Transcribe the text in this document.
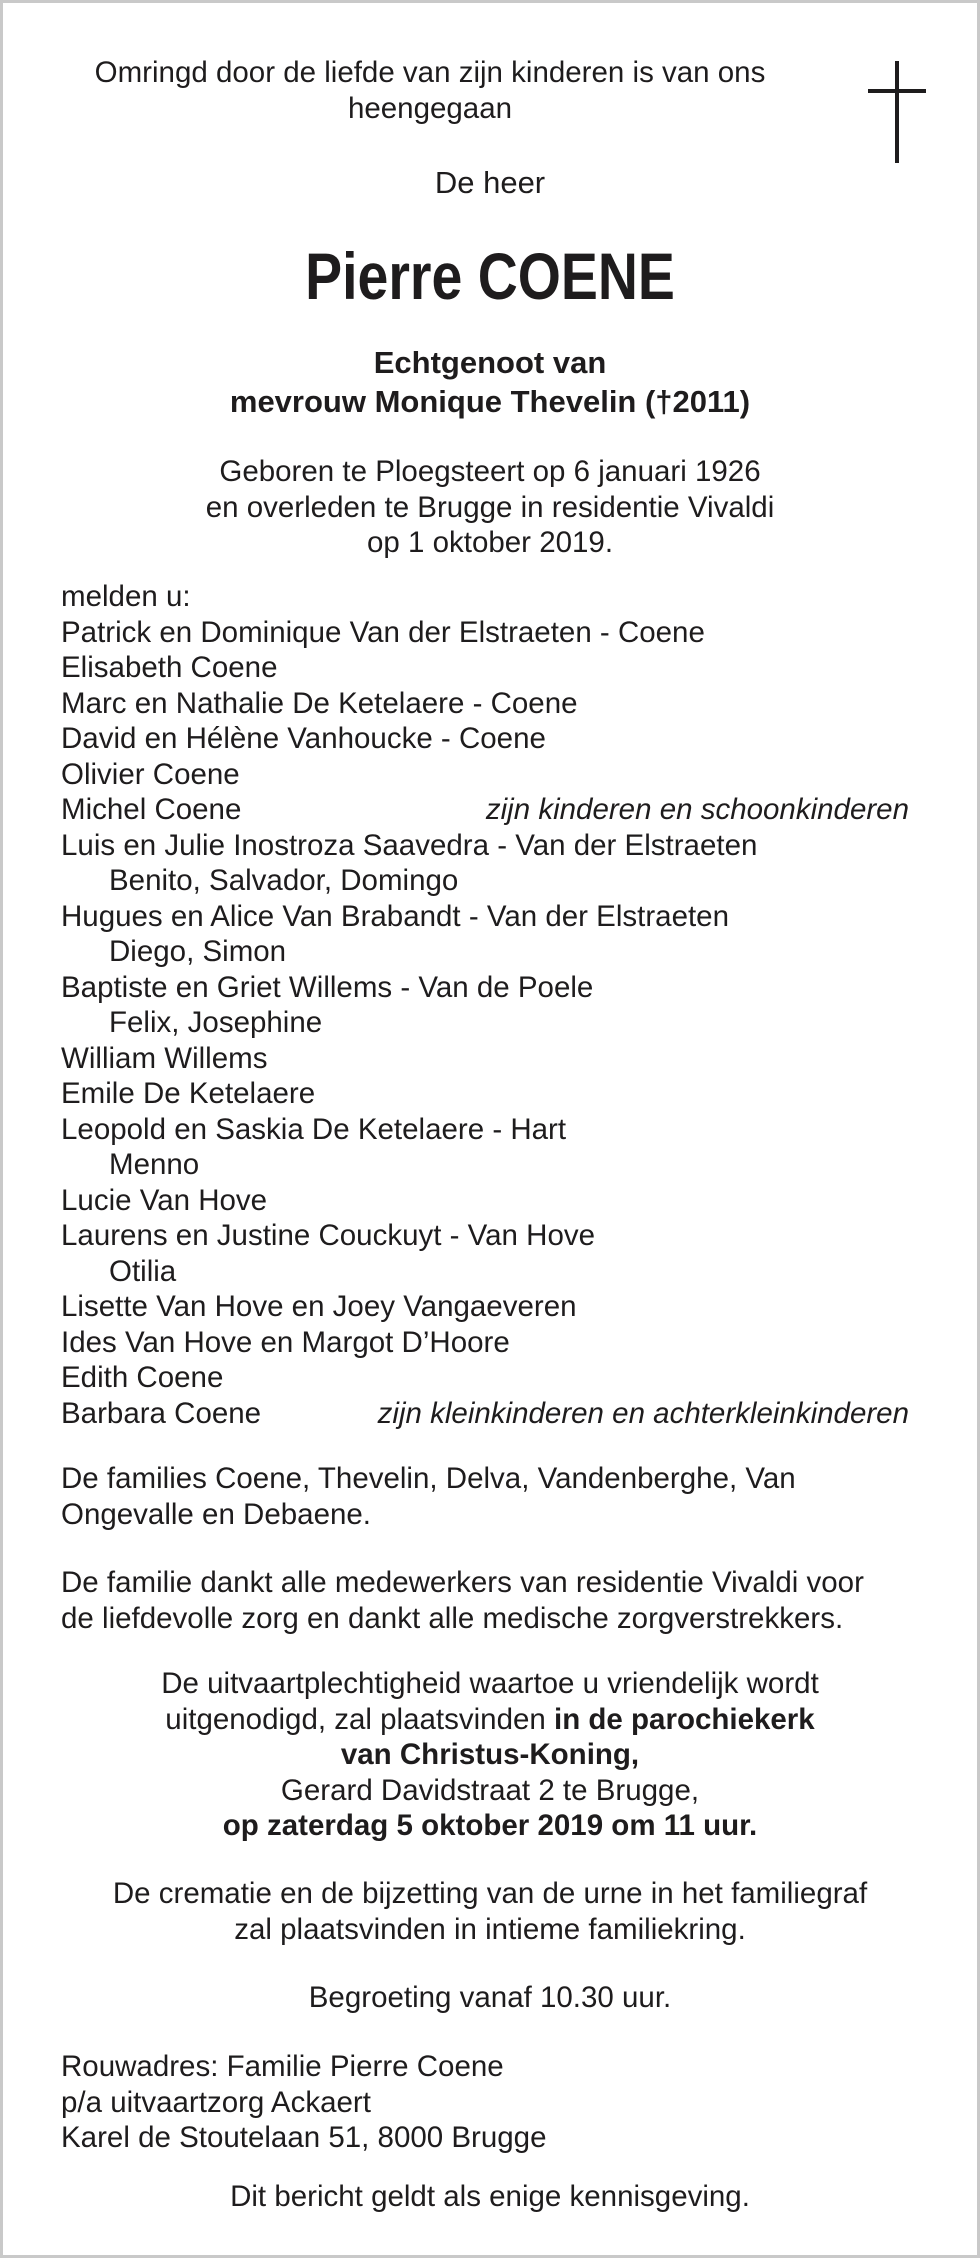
Omringd door de liefde van zijn kinderen is van ons
heengegaan
De heer
Pierre COENE
Echtgenoot van
mevrouw Monique Thevelin (†2011)
Geboren te Ploegsteert op 6 januari 1926
en overleden te Brugge in residentie Vivaldi
op 1 oktober 2019.
melden u:
Patrick en Dominique Van der Elstraeten - Coene
Elisabeth Coene
Marc en Nathalie De Ketelaere - Coene
David en Hélène Vanhoucke - Coene
Olivier Coene
Michel Coene	zijn kinderen en schoonkinderen
Luis en Julie Inostroza Saavedra - Van der Elstraeten
Benito, Salvador, Domingo
Hugues en Alice Van Brabandt - Van der Elstraeten
Diego, Simon
Baptiste en Griet Willems - Van de Poele
Felix, Josephine
William Willems
Emile De Ketelaere
Leopold en Saskia De Ketelaere - Hart
Menno
Lucie Van Hove
Laurens en Justine Couckuyt - Van Hove
Otilia
Lisette Van Hove en Joey Vangaeveren
Ides Van Hove en Margot D’Hoore
Edith Coene
Barbara Coene	zijn kleinkinderen en achterkleinkinderen
De families Coene, Thevelin, Delva, Vandenberghe, Van
Ongevalle en Debaene.
De familie dankt alle medewerkers van residentie Vivaldi voor
de liefdevolle zorg en dankt alle medische zorgverstrekkers.
De uitvaartplechtigheid waartoe u vriendelijk wordt
uitgenodigd, zal plaatsvinden in de parochiekerk
van Christus-Koning,
Gerard Davidstraat 2 te Brugge,
op zaterdag 5 oktober 2019 om 11 uur.
De crematie en de bijzetting van de urne in het familiegraf
zal plaatsvinden in intieme familiekring.
Begroeting vanaf 10.30 uur.
Rouwadres: Familie Pierre Coene
p/a uitvaartzorg Ackaert
Karel de Stoutelaan 51, 8000 Brugge
Dit bericht geldt als enige kennisgeving.
